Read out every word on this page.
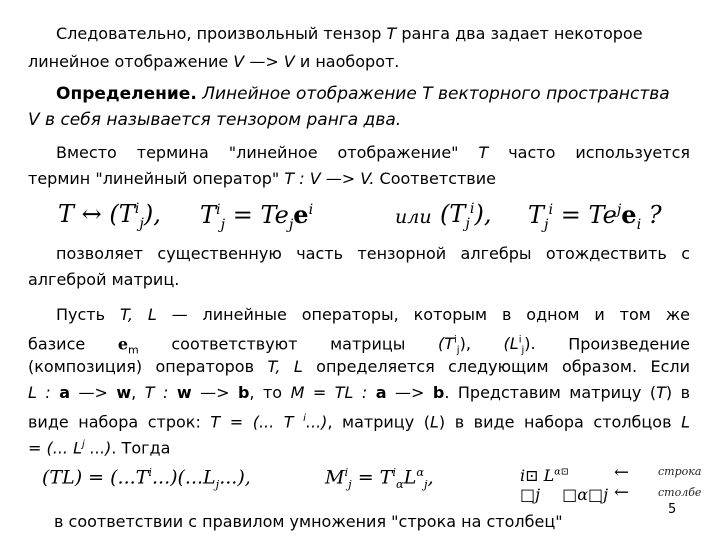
Следовательно, произвольный тензор T ранга два задает некоторое
линейное отображение V —> V и наоборот.
Определение. Линейное отображение T векторного пространства
V в себя называется тензором ранга два.
Вместо термина "линейное отображение" T часто используется
термин "линейный оператор" T : V —> V. Соответствие
T ↔ $(T^i_j)$, $T^i_j = Te_je^i$	или $(T_j^i)$, $T_j^i = Te^je_i$ ?
позволяет существенную часть тензорной алгебры отождествить с
алгеброй матриц.
Пусть T, L — линейные операторы, которым в одном и том же
базисе $e_m$ соответствуют матрицы $(T^i_j)$, $(L^i_j)$. Произведение
(композиция) операторов T, L определяется следующим образом. Если
L : a —> w, T : w —> b, то M = TL : a —> b. Представим матрицу (T) в
виде набора строк: T = (... T $^i$...), матрицу (L) в виде набора столбцов L
= (... $L^j$ ...). Тогда
$(TL) = (...T^i...)(...L_j...)$,	$M^i_j = T^i_\alpha L^\alpha_j$,	i⊡ $L^{\alpha⊡}$
□j □α□j
←
←
строка
столбе
в соответствии с правилом умножения "строка на столбец"
5
